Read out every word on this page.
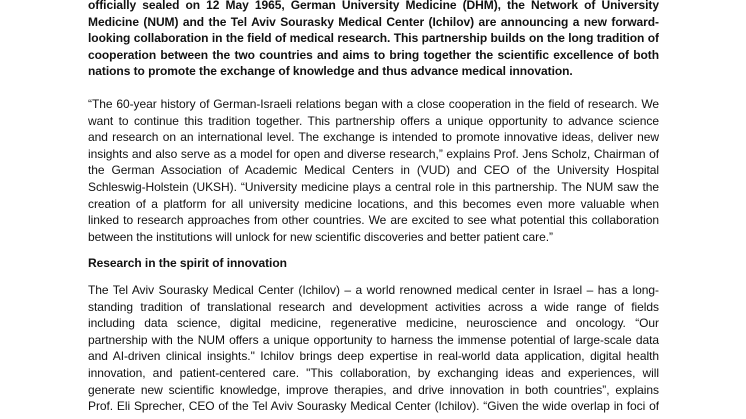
officially sealed on 12 May 1965, German University Medicine (DHM), the Network of University
Medicine (NUM) and the Tel Aviv Sourasky Medical Center (Ichilov) are announcing a new forward-
looking collaboration in the field of medical research. This partnership builds on the long tradition of
cooperation between the two countries and aims to bring together the scientific excellence of both
nations to promote the exchange of knowledge and thus advance medical innovation.
“The 60-year history of German-Israeli relations began with a close cooperation in the field of research. We
want to continue this tradition together. This partnership offers a unique opportunity to advance science
and research on an international level. The exchange is intended to promote innovative ideas, deliver new
insights and also serve as a model for open and diverse research,” explains Prof. Jens Scholz, Chairman of
the German Association of Academic Medical Centers in (VUD) and CEO of the University Hospital
Schleswig-Holstein (UKSH). “University medicine plays a central role in this partnership. The NUM saw the
creation of a platform for all university medicine locations, and this becomes even more valuable when
linked to research approaches from other countries. We are excited to see what potential this collaboration
between the institutions will unlock for new scientific discoveries and better patient care.”
Research in the spirit of innovation
The Tel Aviv Sourasky Medical Center (Ichilov) – a world renowned medical center in Israel – has a long-
standing tradition of translational research and development activities across a wide range of fields
including data science, digital medicine, regenerative medicine, neuroscience and oncology. “Our
partnership with the NUM offers a unique opportunity to harness the immense potential of large-scale data
and AI-driven clinical insights." Ichilov brings deep expertise in real-world data application, digital health
innovation, and patient-centered care. "This collaboration, by exchanging ideas and experiences, will
generate new scientific knowledge, improve therapies, and drive innovation in both countries”, explains
Prof. Eli Sprecher, CEO of the Tel Aviv Sourasky Medical Center (Ichilov). “Given the wide overlap in foci of
